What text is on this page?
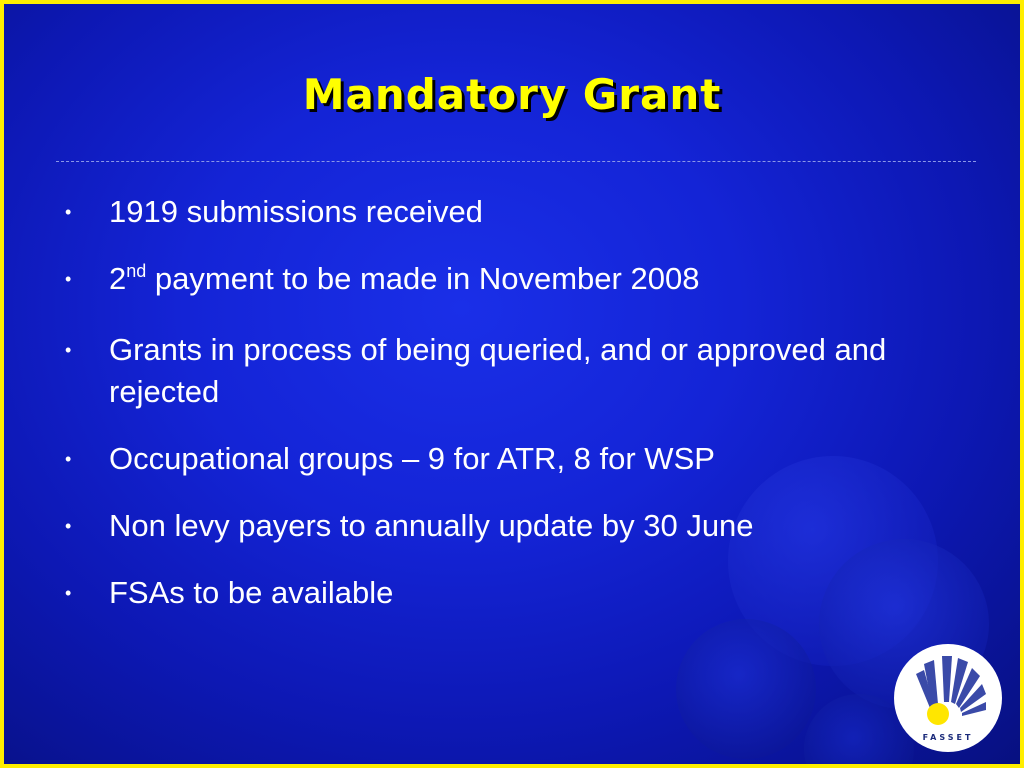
Mandatory Grant
• 1919 submissions received
• 2nd payment to be made in November 2008
• Grants in process of being queried, and or approved and rejected
• Occupational groups – 9 for ATR, 8 for WSP
• Non levy payers to annually update by 30 June
• FSAs to be available
FASSET
